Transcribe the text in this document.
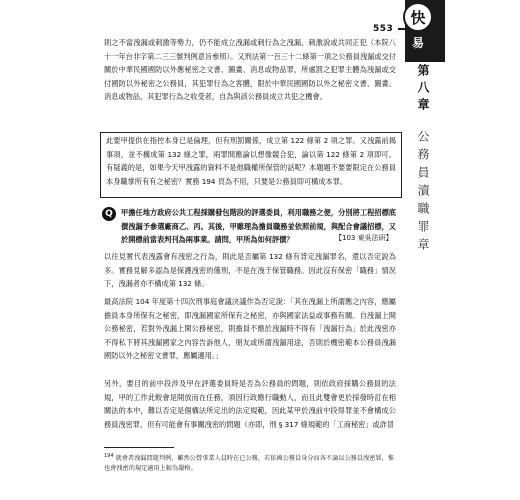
553
快
易
第八章
公務員瀆職罪章
則之不當洩漏或刺激等勢力，仍不能成立洩漏或刺行為之洩漏，刺激說或共同正犯（本院八十一年台非字第二三三號判例意旨參照）。又刑法第一百三十二條第一項之公務員洩漏或交付關於中華民國國防以外應秘密之文書、圖畫、消息或物品罪，所處罰之犯罪主體為洩漏或交付國防以外秘密之公務員，其犯罪行為之客體，限於中華民國國防以外之秘密文書、圖畫、消息或物品，其犯罪行為之收受者，自為與該公務員成立共犯之機會。
此要甲提供在指控本身已是倫理，但有刑罰關係，成立第 122 條第 2 項之罪。又洩露前揭事項，並不構成第 132 條之罪，兩罪間應論以想像競合犯，論以第 122 條第 2 項即可。有疑義的是，如果今天甲洩露的資料不是他職權所保管的話呢？本題題不要要限定在公務員本身職掌所有有之秘密？實務 194 頁為不用，只要是公務員即可構成本罪。
Q	甲擔任地方政府公共工程採購發包階段的評選委員，利用職務之便，分別將工程招標底價洩漏予參選廠商乙、丙。其後，甲雖理為擔員職務並依照前規，與配合會議招標，又於開標前當表判刊為兩事業。請問，甲所為如何評價？	【103 東吳法研】
以往見實代表洩露會有洩密之行為，則此是否屬第 132 條有背定洩漏罪名，還以否定說為多。實務見解多認為是保護洩密的僅刑，不是在洩于保管職務。因此沒有保密「職務」情況下，洩漏者亦不構成第 132 條。
最高法院 104 年度第十四次刑事庭會議決議作為否定說：「其在洩漏上所謂應之內容，應屬擔員本身所保有之秘密，即洩漏國家所保有之秘密，亦與國家法益或事務有關。自洩漏上開公務秘密，若對外洩漏上開公務秘密，則擔員不應於洩漏時不得有「洩漏行為」於此洩密亦不得私下將其洩漏國家之內容告訴他人，朋友或所謂洩漏用途，否則於機密範本公務員洩漏國防以外之秘密文書罪，應屬適用。」
另外，要目的前中段涉及甲在評選委員時是否為公務員的問題，則依政府採購公務員的法規，甲的工作此較會是開放而在任務，須因行政應行職動人，而且此雙會更於採發時訂在相關法的本中，難以否定是個構法所定出的法定規範，因此某甲於洩前中段得罪並不會構成公務員洩密罪，但有可能會有事關洩密的問題（亦即，刑 § 317 條規範的「工商秘密」或詐冒
$^{194}$ 就會者洩漏問題判例，雖然公營事業人員時在已公務，若依國公務員身分而各不論以公務員洩密罪，惟也會洩密的規定適用上較為嚴格。
